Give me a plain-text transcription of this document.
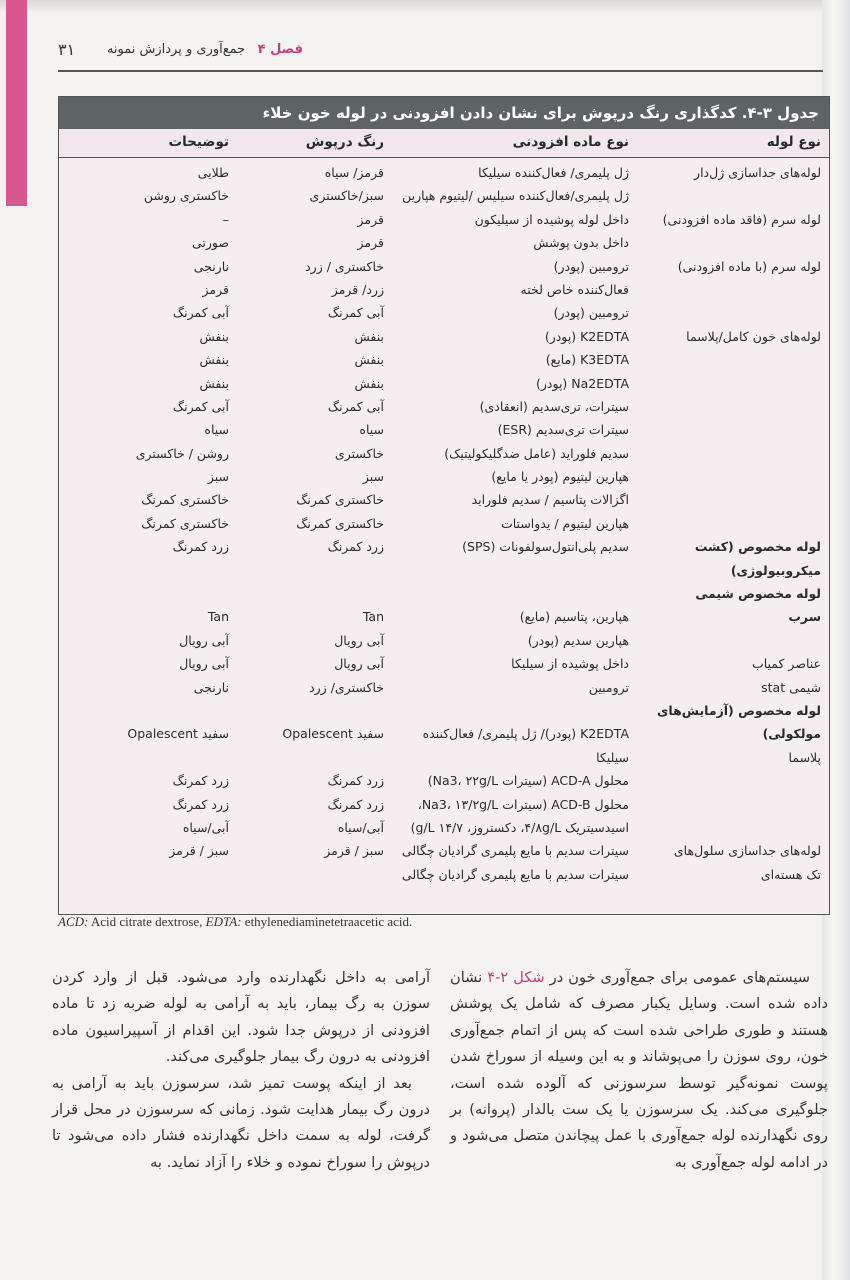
فصل ۴   جمع‌آوری و پردازش نمونه
۳۱
جدول ۳-۴. کدگذاری رنگ درپوش برای نشان دادن افزودنی در لوله خون خلاء
نوع لوله
نوع ماده افزودنی
رنگ درپوش
توضیحات
لوله‌های جداسازی ژل‌دار
ژل پلیمری/ فعال‌کننده سیلیکا
قرمز/ سیاه
طلایی
ژل پلیمری/فعال‌کننده سیلیس /لیتیوم هپارین
سبز/خاکستری
خاکستری روشن
لوله سرم (فاقد ماده افزودنی)
داخل لوله پوشیده از سیلیکون
قرمز
–
داخل بدون پوشش
قرمز
صورتی
لوله سرم (با ماده افزودنی)
ترومبین (پودر)
خاکستری / زرد
نارنجی
فعال‌کننده خاص لخته
زرد/ قرمز
قرمز
ترومبین (پودر)
آبی کمرنگ
آبی کمرنگ
لوله‌های خون کامل/پلاسما
K2EDTA (پودر)
بنفش
بنفش
K3EDTA (مایع)
بنفش
بنفش
Na2EDTA (پودر)
بنفش
بنفش
سیترات، تری‌سدیم (انعقادی)
آبی کمرنگ
آبی کمرنگ
سیترات تری‌سدیم (ESR)
سیاه
سیاه
سدیم فلوراید (عامل ضدگلیکولیتیک)
خاکستری
روشن / خاکستری
هپارین لیتیوم (پودر یا مایع)
سبز
سبز
اگزالات پتاسیم / سدیم فلوراید
خاکستری کمرنگ
خاکستری کمرنگ
هپارین لیتیوم / یدواستات
خاکستری کمرنگ
خاکستری کمرنگ
لوله مخصوص (کشت
سدیم پلی‌انتول‌سولفونات (SPS)
زرد کمرنگ
زرد کمرنگ
میکروبیولوژی)
لوله مخصوص شیمی
سرب
هپارین، پتاسیم (مایع)
Tan
Tan
هپارین سدیم (پودر)
آبی رویال
آبی رویال
عناصر کمیاب
داخل پوشیده از سیلیکا
آبی رویال
آبی رویال
شیمی stat
ترومبین
خاکستری/ زرد
نارنجی
لوله مخصوص (آزمایش‌های
مولکولی)
K2EDTA (پودر)/ ژل پلیمری/ فعال‌کننده
سفید Opalescent
سفید Opalescent
پلاسما
سیلیکا
محلول ACD-A (سیترات Na3، ۲۲g/L)
زرد کمرنگ
زرد کمرنگ
محلول ACD-B (سیترات Na3، ۱۳/۲g/L،
زرد کمرنگ
زرد کمرنگ
اسیدسیتریک ۴/۸g/L، دکستروز، ۱۴/۷ g/L)
آبی/سیاه
آبی/سیاه
لوله‌های جداسازی سلول‌های
سیترات سدیم با مایع پلیمری گرادیان چگالی
سبز / قرمز
سبز / قرمز
تک هسته‌ای
سیترات سدیم با مایع پلیمری گرادیان چگالی
ACD: Acid citrate dextrose, EDTA: ethylenediaminetetraacetic acid.

سیستم‌های عمومی برای جمع‌آوری خون در شکل ۲-۴ نشان داده شده است. وسایل یکبار مصرف که شامل یک پوشش هستند و طوری طراحی شده است که پس از اتمام جمع‌آوری خون، روی سوزن را می‌پوشاند و به این وسیله از سوراخ شدن پوست نمونه‌گیر توسط سرسوزنی که آلوده شده است، جلوگیری می‌کند. یک سرسوزن یا یک ست بالدار (پروانه) بر روی نگهدارنده لوله جمع‌آوری با عمل پیچاندن متصل می‌شود و در ادامه لوله جمع‌آوری به

آرامی به داخل نگهدارنده وارد می‌شود. قبل از وارد کردن سوزن به رگ بیمار، باید به آرامی به لوله ضربه زد تا ماده افزودنی از درپوش جدا شود. این اقدام از آسپیراسیون ماده افزودنی به درون رگ بیمار جلوگیری می‌کند.

بعد از اینکه پوست تمیز شد، سرسوزن باید به آرامی به درون رگ بیمار هدایت شود. زمانی که سرسوزن در محل قرار گرفت، لوله به سمت داخل نگهدارنده فشار داده می‌شود تا درپوش را سوراخ نموده و خلاء را آزاد نماید. به
